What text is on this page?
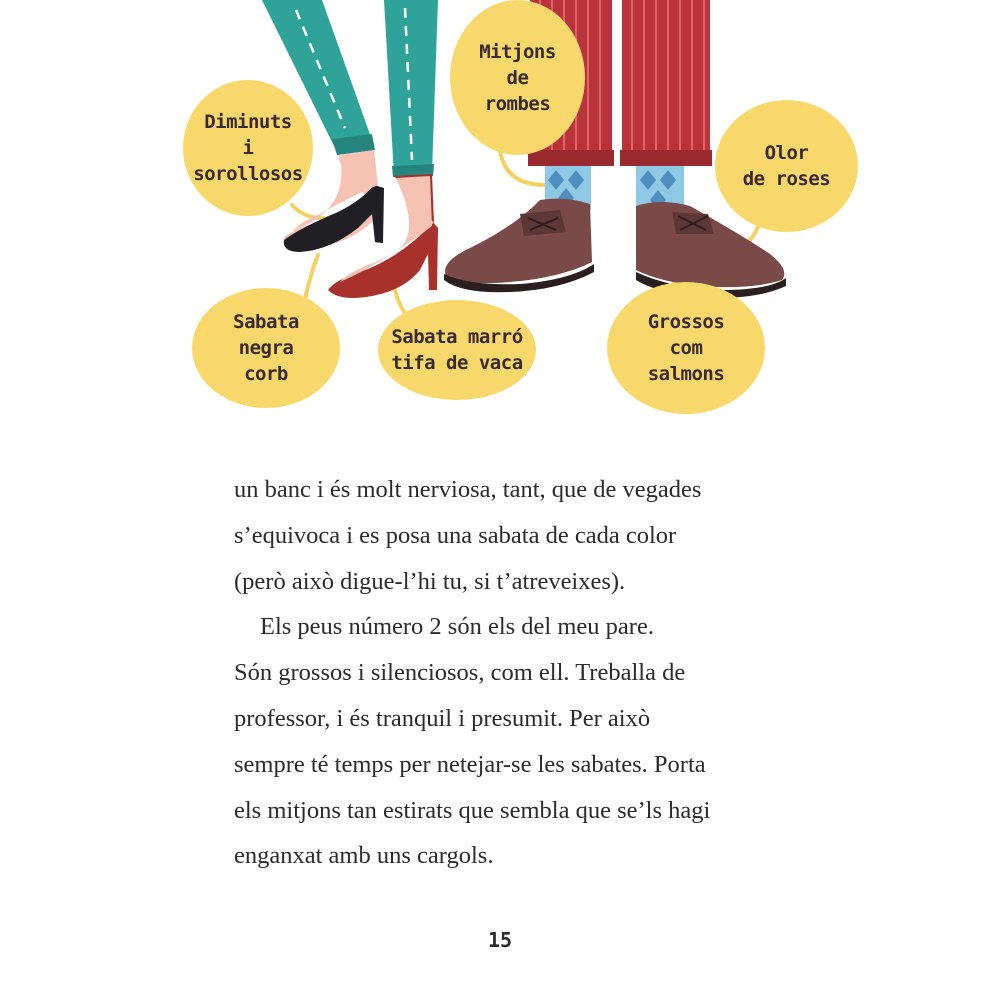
Diminuts
i
sorollosos
Mitjons
de
rombes
Olor
de roses
Sabata
negra
corb
Sabata marró
tifa de vaca
Grossos
com
salmons

un banc i és molt nerviosa, tant, que de vegades
s’equivoca i es posa una sabata de cada color
(però això digue-l’hi tu, si t’atreveixes).

Els peus número 2 són els del meu pare.
Són grossos i silenciosos, com ell. Treballa de
professor, i és tranquil i presumit. Per això
sempre té temps per netejar-se les sabates. Porta
els mitjons tan estirats que sembla que se’ls hagi
enganxat amb uns cargols.

15
